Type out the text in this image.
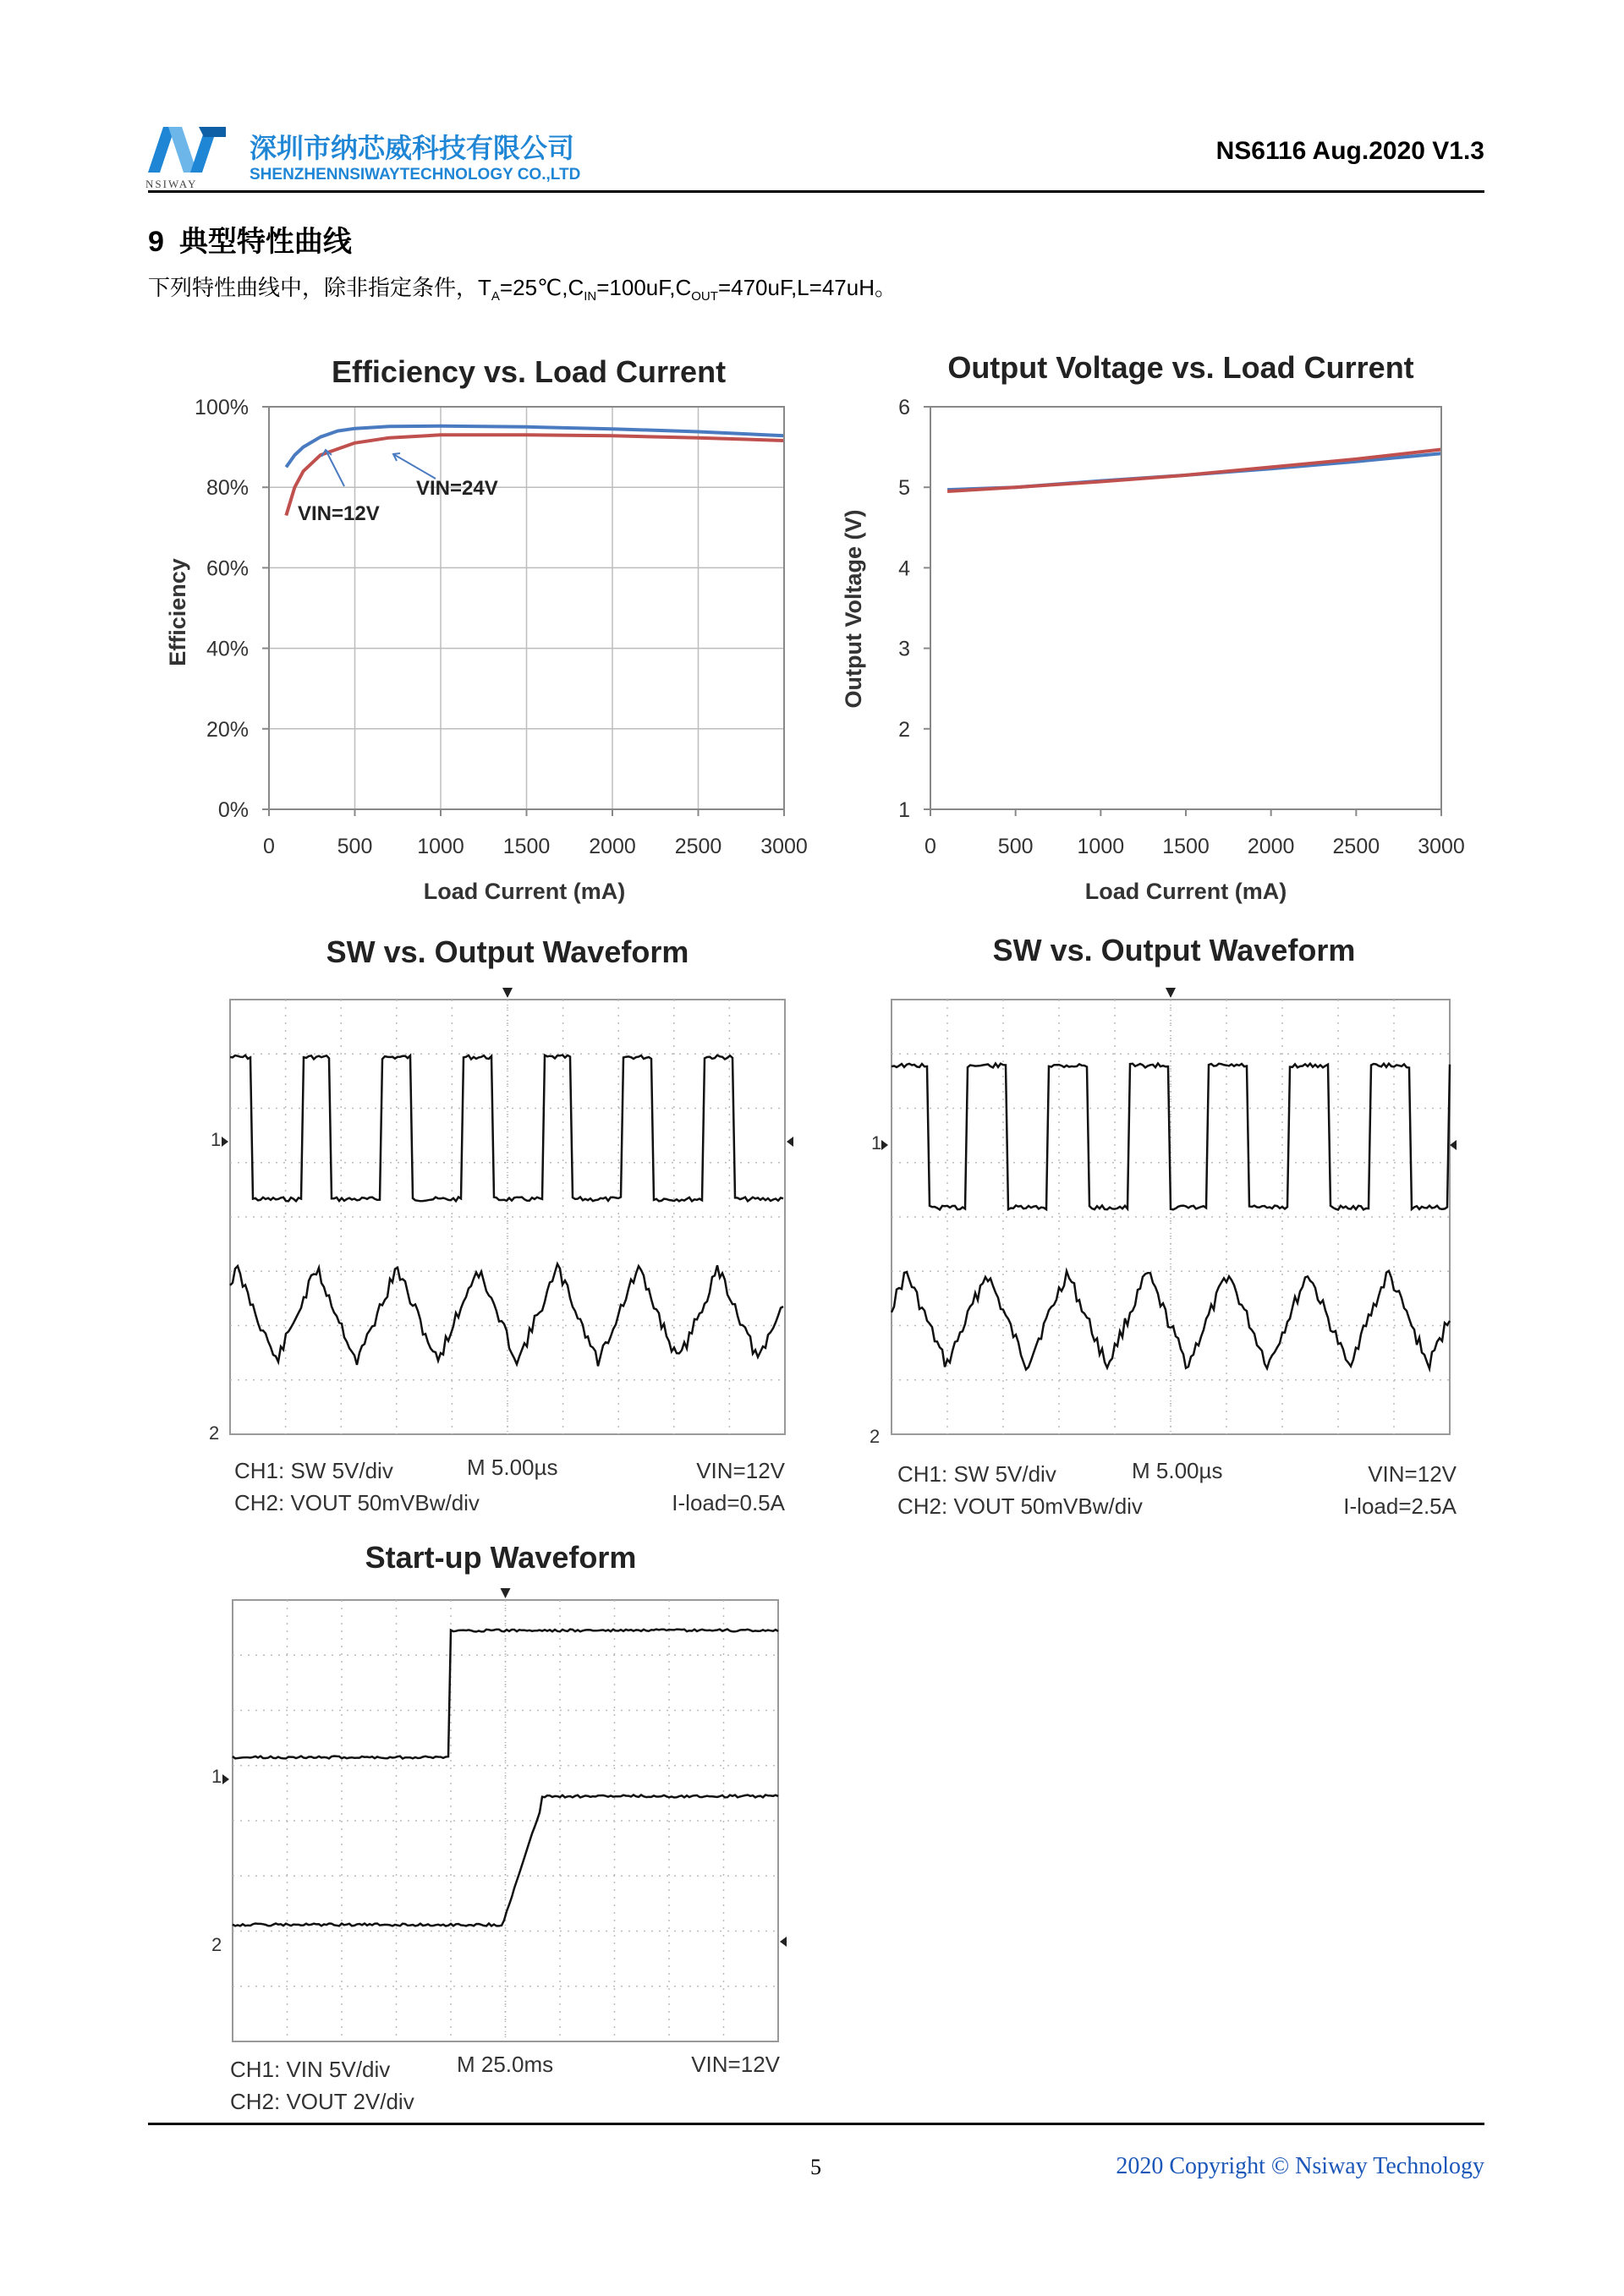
NSIWAY
深圳市纳芯威科技有限公司
SHENZHENNSIWAYTECHNOLOGY CO.,LTD
NS6116 Aug.2020 V1.3
9 典型特性曲线
下列特性曲线中，除非指定条件，$T_A=25℃,C_{IN}=100uF,C_{OUT}=470uF,L=47uH$。
Efficiency vs. Load Current
Load Current (mA)
Efficiency
0	500 1000 1500 2000 2500 3000
0%
20%
40%
60%
80%
100%
VIN=12V
VIN=24V
Output Voltage vs. Load Current
Load Current (mA)
Output Voltage (V)
0	500 1000 1500 2000 2500 3000
1
2
3
4
5
6
SW vs. Output Waveform
1
2
CH1: SW 5V/div	M 5.00µs	VIN=12V
CH2: VOUT 50mVBw/div	I-load=0.5A
SW vs. Output Waveform
1
2
CH1: SW 5V/div	M 5.00µs	VIN=12V
CH2: VOUT 50mVBw/div	I-load=2.5A
Start-up Waveform
1
2
CH1: VIN 5V/div	M 25.0ms	VIN=12V
CH2: VOUT 2V/div
5	2020 Copyright © Nsiway Technology
